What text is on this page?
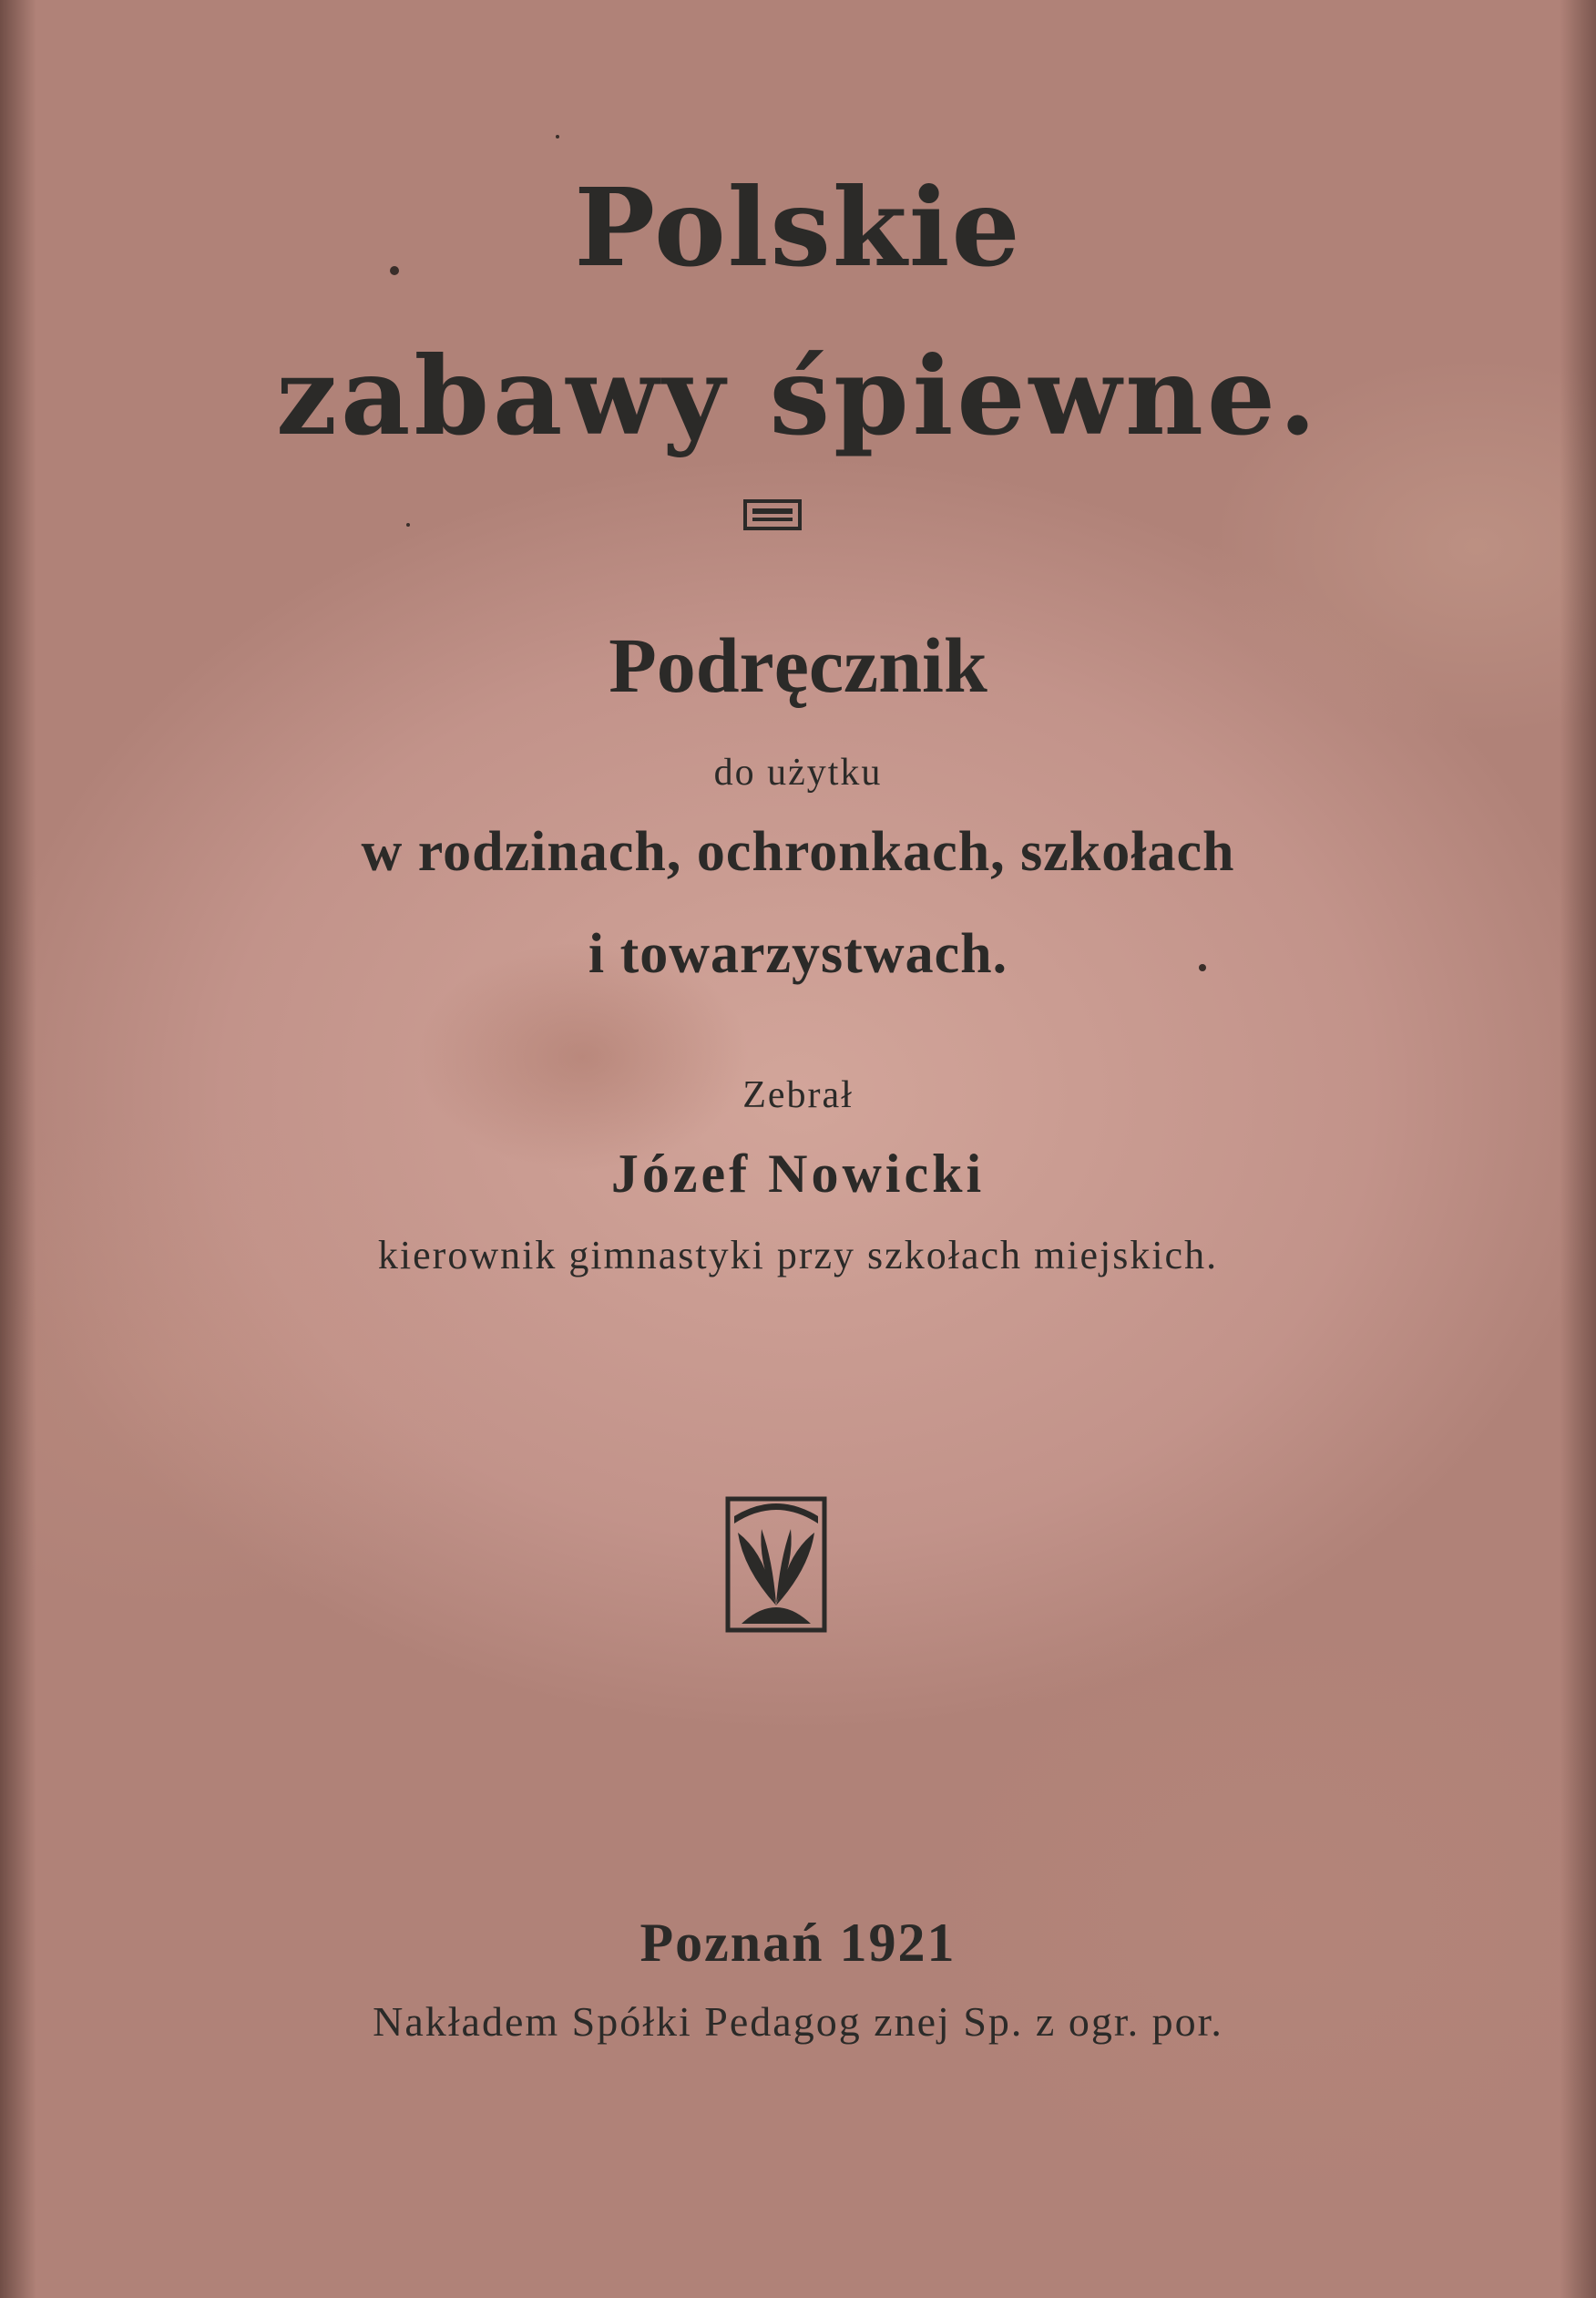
Polskie
zabawy śpiewne.
Podręcznik
do użytku
w rodzinach, ochronkach, szkołach
i towarzystwach.
Zebrał
Józef Nowicki
kierownik gimnastyki przy szkołach miejskich.
Poznań 1921
Nakładem Spółki Pedagog znej Sp. z ogr. por.
